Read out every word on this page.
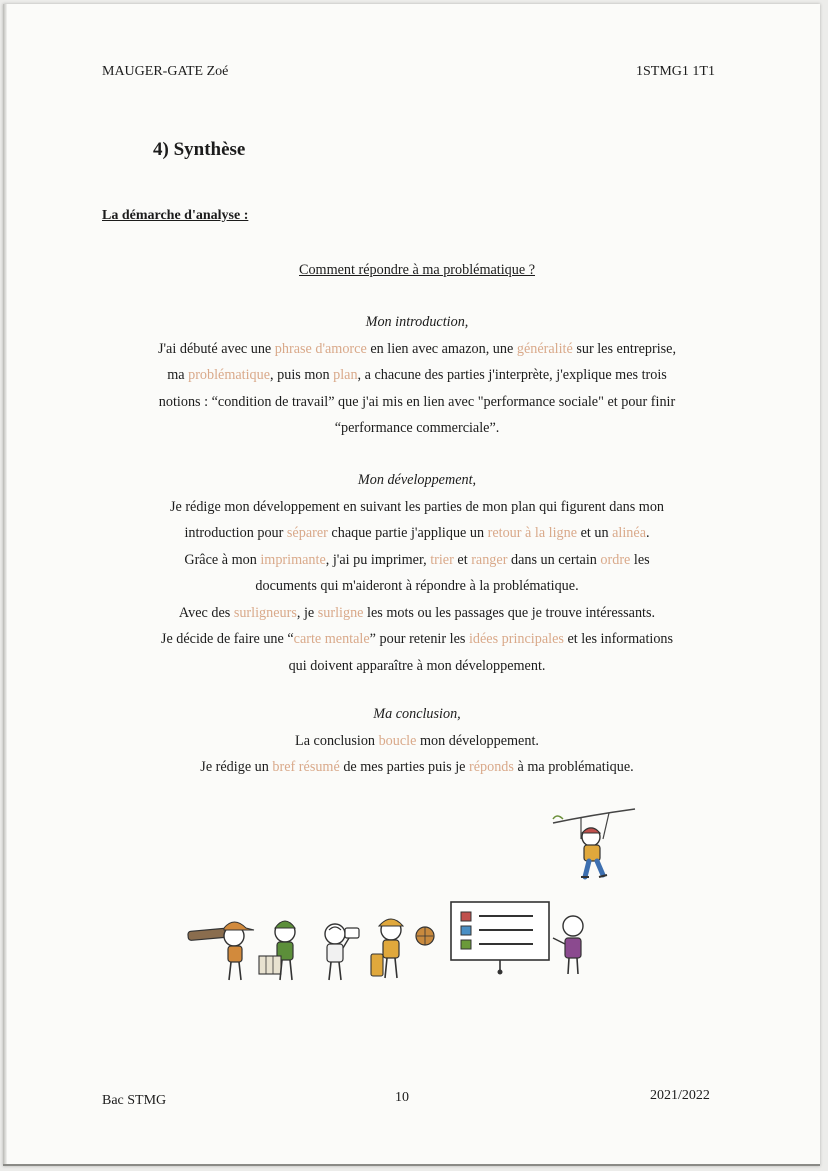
MAUGER-GATE Zoé	1STMG1 1T1
4) Synthèse
La démarche d'analyse :
Comment répondre à ma problématique ?
Mon introduction,
J'ai débuté avec une phrase d'amorce en lien avec amazon, une généralité sur les entreprise,
ma problématique, puis mon plan, a chacune des parties j'interprète, j'explique mes trois
notions : “condition de travail” que j'ai mis en lien avec "performance sociale" et pour finir
“performance commerciale”.
Mon développement,
Je rédige mon développement en suivant les parties de mon plan qui figurent dans mon
introduction pour séparer chaque partie j'applique un retour à la ligne et un alinéa.
Grâce à mon imprimante, j'ai pu imprimer, trier et ranger dans un certain ordre les
documents qui m'aideront à répondre à la problématique.
Avec des surligneurs, je surligne les mots ou les passages que je trouve intéressants.
Je décide de faire une “carte mentale” pour retenir les idées principales et les informations
qui doivent apparaître à mon développement.
Ma conclusion,
La conclusion boucle mon développement.
Je rédige un bref résumé de mes parties puis je réponds à ma problématique.
Bac STMG	10	2021/2022
